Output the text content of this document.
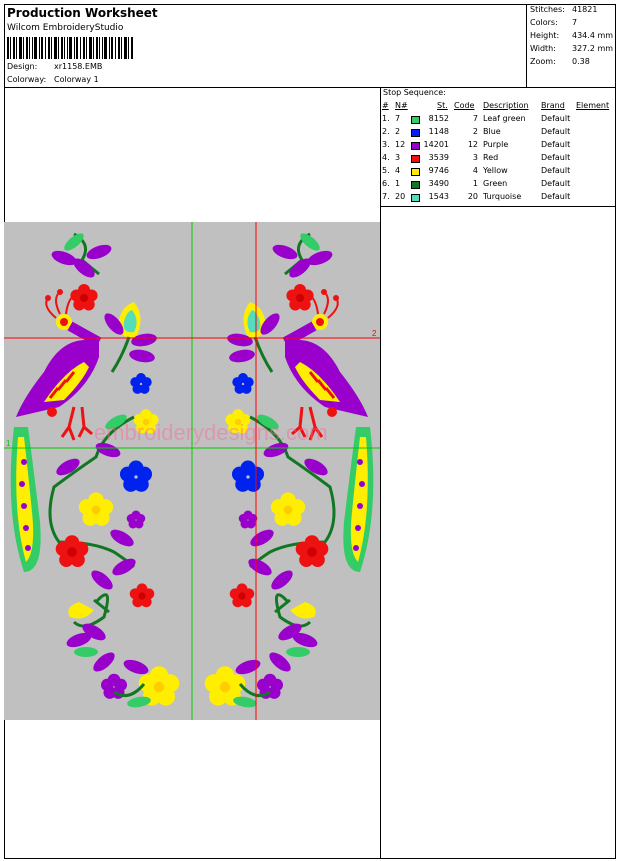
Production Worksheet
Wilcom EmbroideryStudio
Design: xr1158.EMB
Colorway: Colorway 1
Stitches: 41821
Colors: 7
Height: 434.4 mm
Width: 327.2 mm
Zoom: 0.38
Stop Sequence:
# N#	St. Code Description Brand Element
1. 7	8152	7 Leaf green Default
2. 2	1148	2 Blue	Default
3. 12 14201 12 Purple	Default
4. 3	3539	3 Red	Default
5. 4	9746	4 Yellow	Default
6. 1	3490	1 Green	Default
7. 20	1543 20 Turquoise Default
embroiderydesigns.com
1
2
